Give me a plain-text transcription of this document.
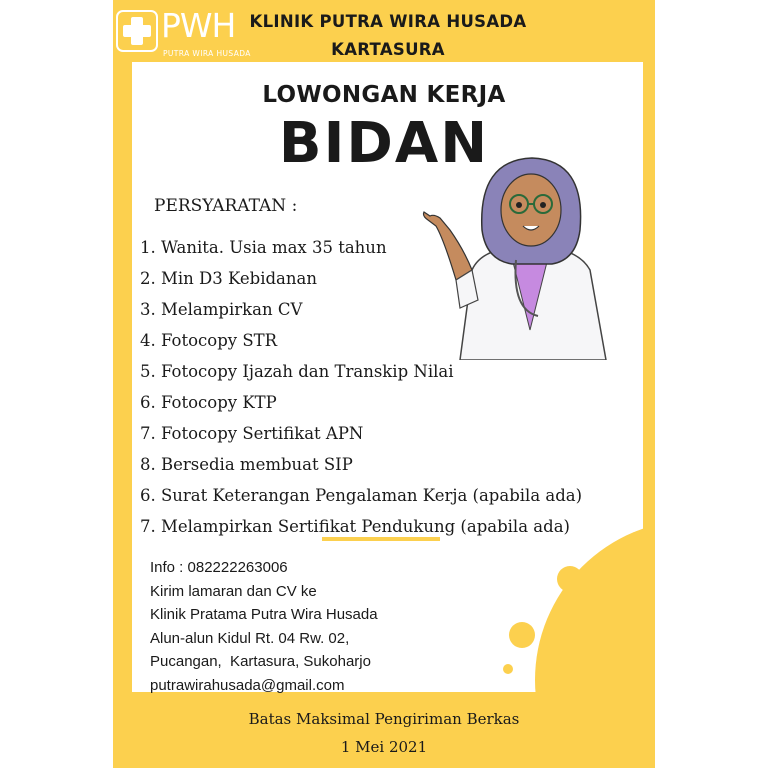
PWH
PUTRA WIRA HUSADA
KLINIK PUTRA WIRA HUSADA
KARTASURA
LOWONGAN KERJA
BIDAN
PERSYARATAN :
1. Wanita. Usia max 35 tahun
2. Min D3 Kebidanan
3. Melampirkan CV
4. Fotocopy STR
5. Fotocopy Ijazah dan Transkip Nilai
6. Fotocopy KTP
7. Fotocopy Sertifikat APN
8. Bersedia membuat SIP
6. Surat Keterangan Pengalaman Kerja (apabila ada)
7. Melampirkan Sertifikat Pendukung (apabila ada)
Info : 082222263006
Kirim lamaran dan CV ke
Klinik Pratama Putra Wira Husada
Alun-alun Kidul Rt. 04 Rw. 02,
Pucangan,  Kartasura, Sukoharjo
putrawirahusada@gmail.com
Batas Maksimal Pengiriman Berkas
1 Mei 2021
